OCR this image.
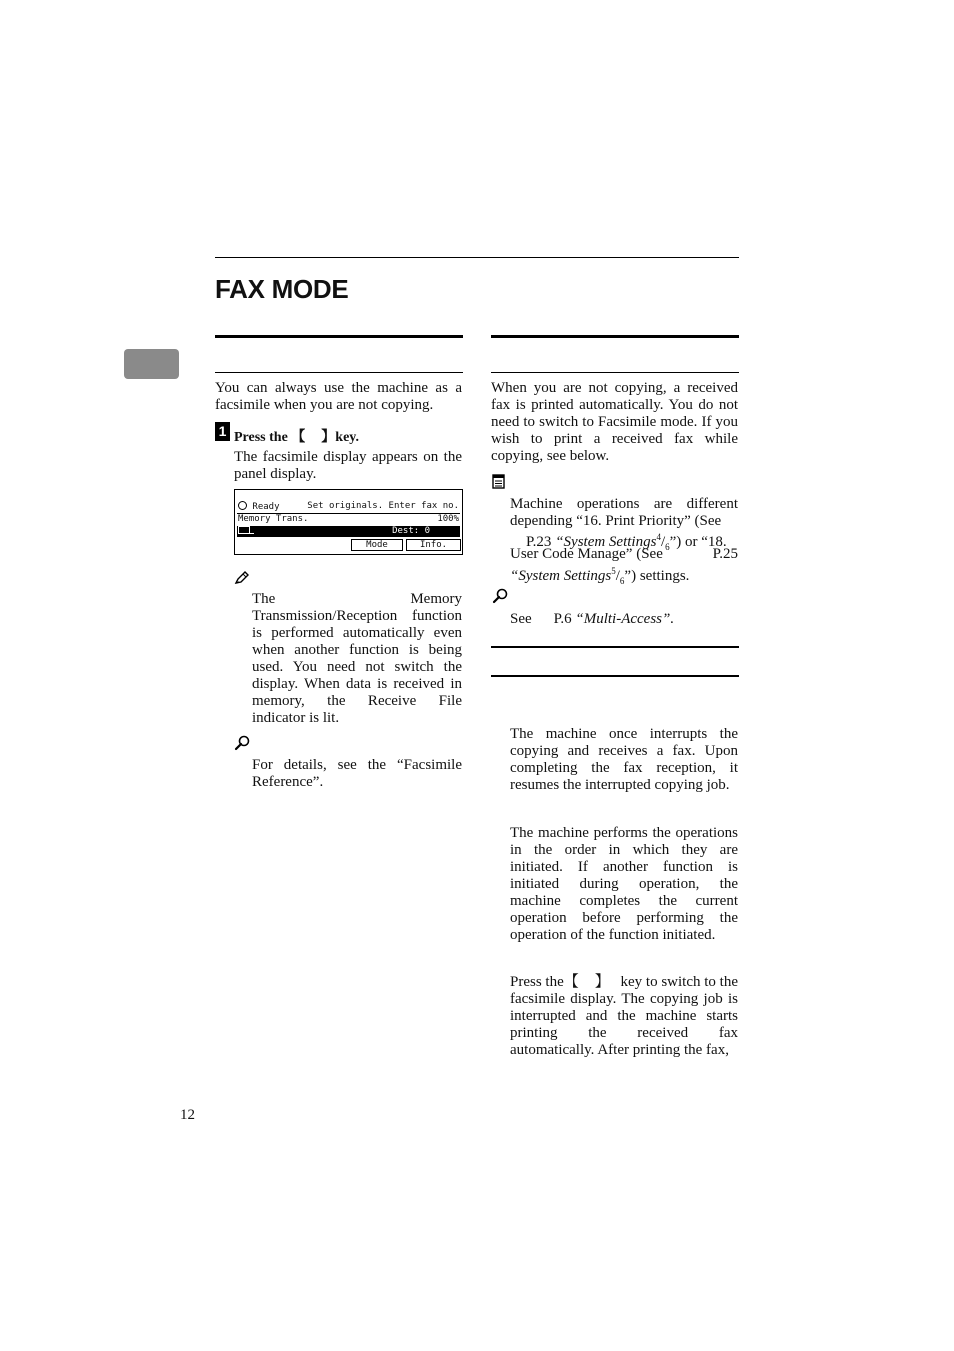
FAX MODE

You can always use the machine as a facsimile when you are not copying.

1 Press the 【 】key.

The facsimile display appears on the panel display.

Ready	Set originals. Enter fax no.
Memory Trans.	100%
Dest: 0
Mode	Info.

The Memory Transmission/Reception function is performed automatically even when another function is being used. You need not switch the display. When data is received in memory, the Receive File indicator is lit.

For details, see the “Facsimile Reference”.

When you are not copying, a received fax is printed automatically. You do not need to switch to Facsimile mode. If you wish to print a received fax while copying, see below.

Machine operations are different depending “16. Print Priority” (See
P.23 “System $Settings^4/_6$”) or “18.
User Code Manage” (See	P.25
“System $Settings^5/_6$”) settings.
See P.6 “Multi-Access”.

The machine once interrupts the copying and receives a fax. Upon completing the fax reception, it resumes the interrupted copying job.

The machine performs the operations in the order in which they are initiated. If another function is initiated during operation, the machine completes the current operation before performing the operation of the function initiated.

Press the【 】 key to switch to the
facsimile display. The copying job is interrupted and the machine starts printing the received fax automatically. After printing the fax,
12
